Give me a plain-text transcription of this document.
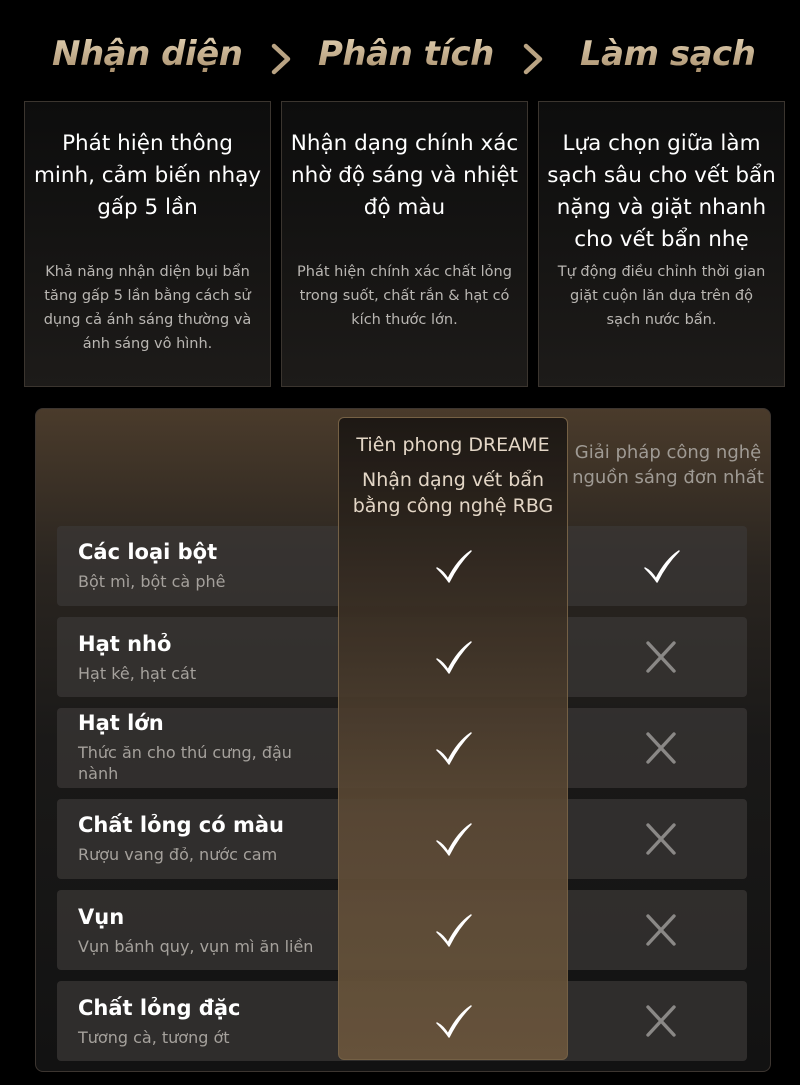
Nhận diện Phân tích	Làm sạch
Phát hiện thông minh, cảm biến nhạy gấp 5 lần
Khả năng nhận diện bụi bẩn tăng gấp 5 lần bằng cách sử dụng cả ánh sáng thường và ánh sáng vô hình.
Nhận dạng chính xác nhờ độ sáng và nhiệt độ màu
Phát hiện chính xác chất lỏng trong suốt, chất rắn & hạt có kích thước lớn.
Lựa chọn giữa làm sạch sâu cho vết bẩn nặng và giặt nhanh cho vết bẩn nhẹ
Tự động điều chỉnh thời gian giặt cuộn lăn dựa trên độ sạch nước bẩn.
Tiên phong DREAME
Nhận dạng vết bẩn bằng công nghệ RBG
Giải pháp công nghệ nguồn sáng đơn nhất
Các loại bột
Bột mì, bột cà phê
Hạt nhỏ
Hạt kê, hạt cát
Hạt lớn
Thức ăn cho thú cưng, đậu nành
Chất lỏng có màu
Rượu vang đỏ, nước cam
Vụn
Vụn bánh quy, vụn mì ăn liền
Chất lỏng đặc
Tương cà, tương ớt
